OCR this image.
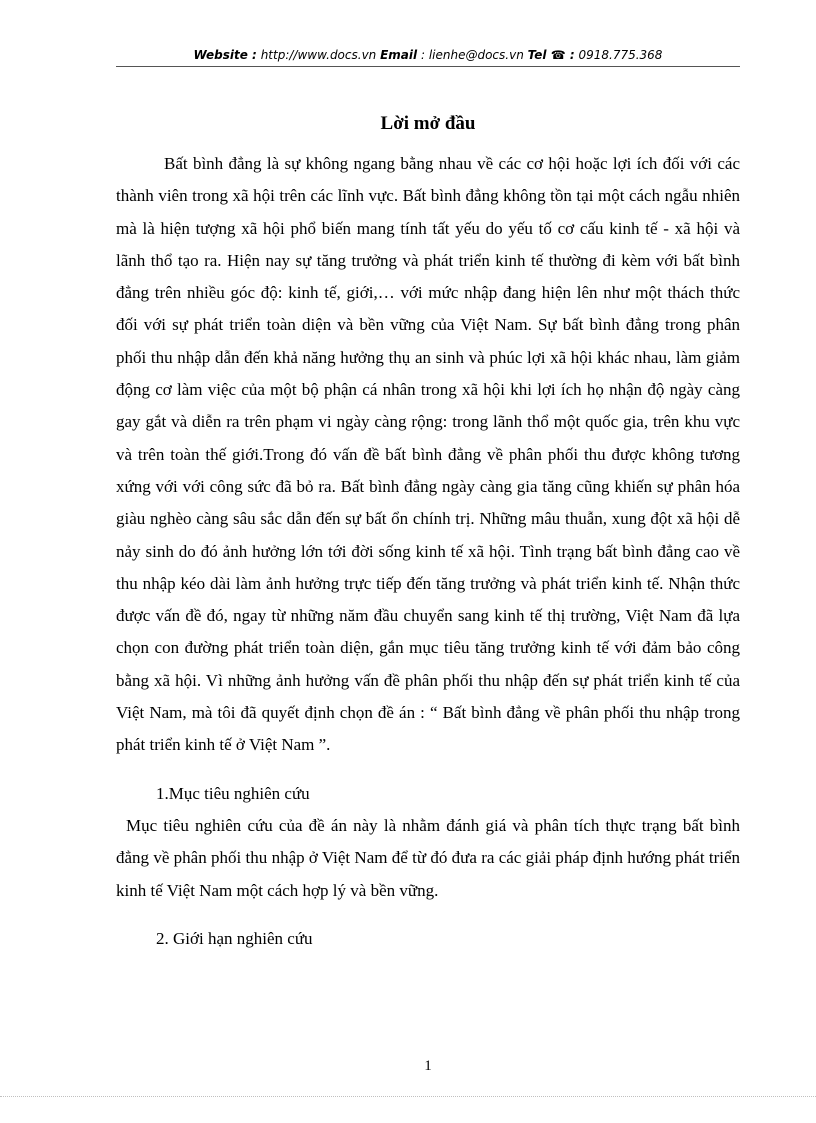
Website : http://www.docs.vn Email : lienhe@docs.vn Tel ☎ : 0918.775.368
Lời mở đầu

Bất bình đẳng là sự không ngang bằng nhau về các cơ hội hoặc lợi ích đối với các thành viên trong xã hội trên các lĩnh vực. Bất bình đẳng không tồn tại một cách ngẫu nhiên mà là hiện tượng xã hội phổ biến mang tính tất yếu do yếu tố cơ cấu kinh tế - xã hội và lãnh thổ tạo ra. Hiện nay sự tăng trưởng và phát triển kinh tế thường đi kèm với bất bình đẳng trên nhiều góc độ: kinh tế, giới,… với mức nhập đang hiện lên như một thách thức đối với sự phát triển toàn diện và bền vững của Việt Nam. Sự bất bình đẳng trong phân phối thu nhập dẫn đến khả năng hưởng thụ an sinh và phúc lợi xã hội khác nhau, làm giảm động cơ làm việc của một bộ phận cá nhân trong xã hội khi lợi ích họ nhận độ ngày càng gay gắt và diễn ra trên phạm vi ngày càng rộng: trong lãnh thổ một quốc gia, trên khu vực và trên toàn thế giới.Trong đó vấn đề bất bình đẳng về phân phối thu được không tương xứng với với công sức đã bỏ ra. Bất bình đẳng ngày càng gia tăng cũng khiến sự phân hóa giàu nghèo càng sâu sắc dẫn đến sự bất ổn chính trị. Những mâu thuẫn, xung đột xã hội dễ nảy sinh do đó ảnh hưởng lớn tới đời sống kinh tế xã hội. Tình trạng bất bình đẳng cao về thu nhập kéo dài làm ảnh hưởng trực tiếp đến tăng trưởng và phát triển kinh tế. Nhận thức được vấn đề đó, ngay từ những năm đầu chuyển sang kinh tế thị trường, Việt Nam đã lựa chọn con đường phát triển toàn diện, gắn mục tiêu tăng trưởng kinh tế với đảm bảo công bằng xã hội. Vì những ảnh hưởng vấn đề phân phối thu nhập đến sự phát triển kinh tế của Việt Nam, mà tôi đã quyết định chọn đề án : “ Bất bình đẳng về phân phối thu nhập trong phát triển kinh tế ở Việt Nam ”.

1.Mục tiêu nghiên cứu

Mục tiêu nghiên cứu của đề án này là nhằm đánh giá và phân tích thực trạng bất bình đẳng về phân phối thu nhập ở Việt Nam để từ đó đưa ra các giải pháp định hướng phát triển kinh tế Việt Nam một cách hợp lý và bền vững.

2. Giới hạn nghiên cứu

1
